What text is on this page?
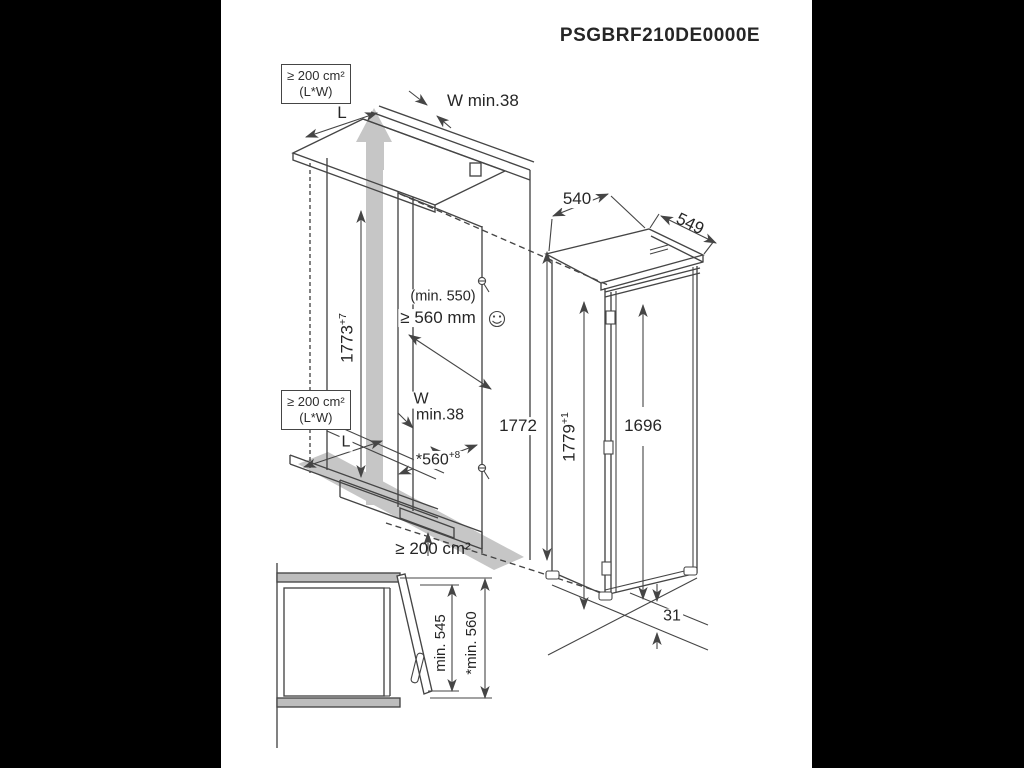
PSGBRF210DE0000E
≥ 200 cm²
(L*W)
L
W min.38
$1773^{+7}$
(min. 550)
≥ 560 mm
≥ 200 cm²
(L*W)
W
min.38
L
$*560^{+8}$
≥ 200 cm²
1772
540
549
$1779^{+1}$	1696
31
min. 545 *min. 560
